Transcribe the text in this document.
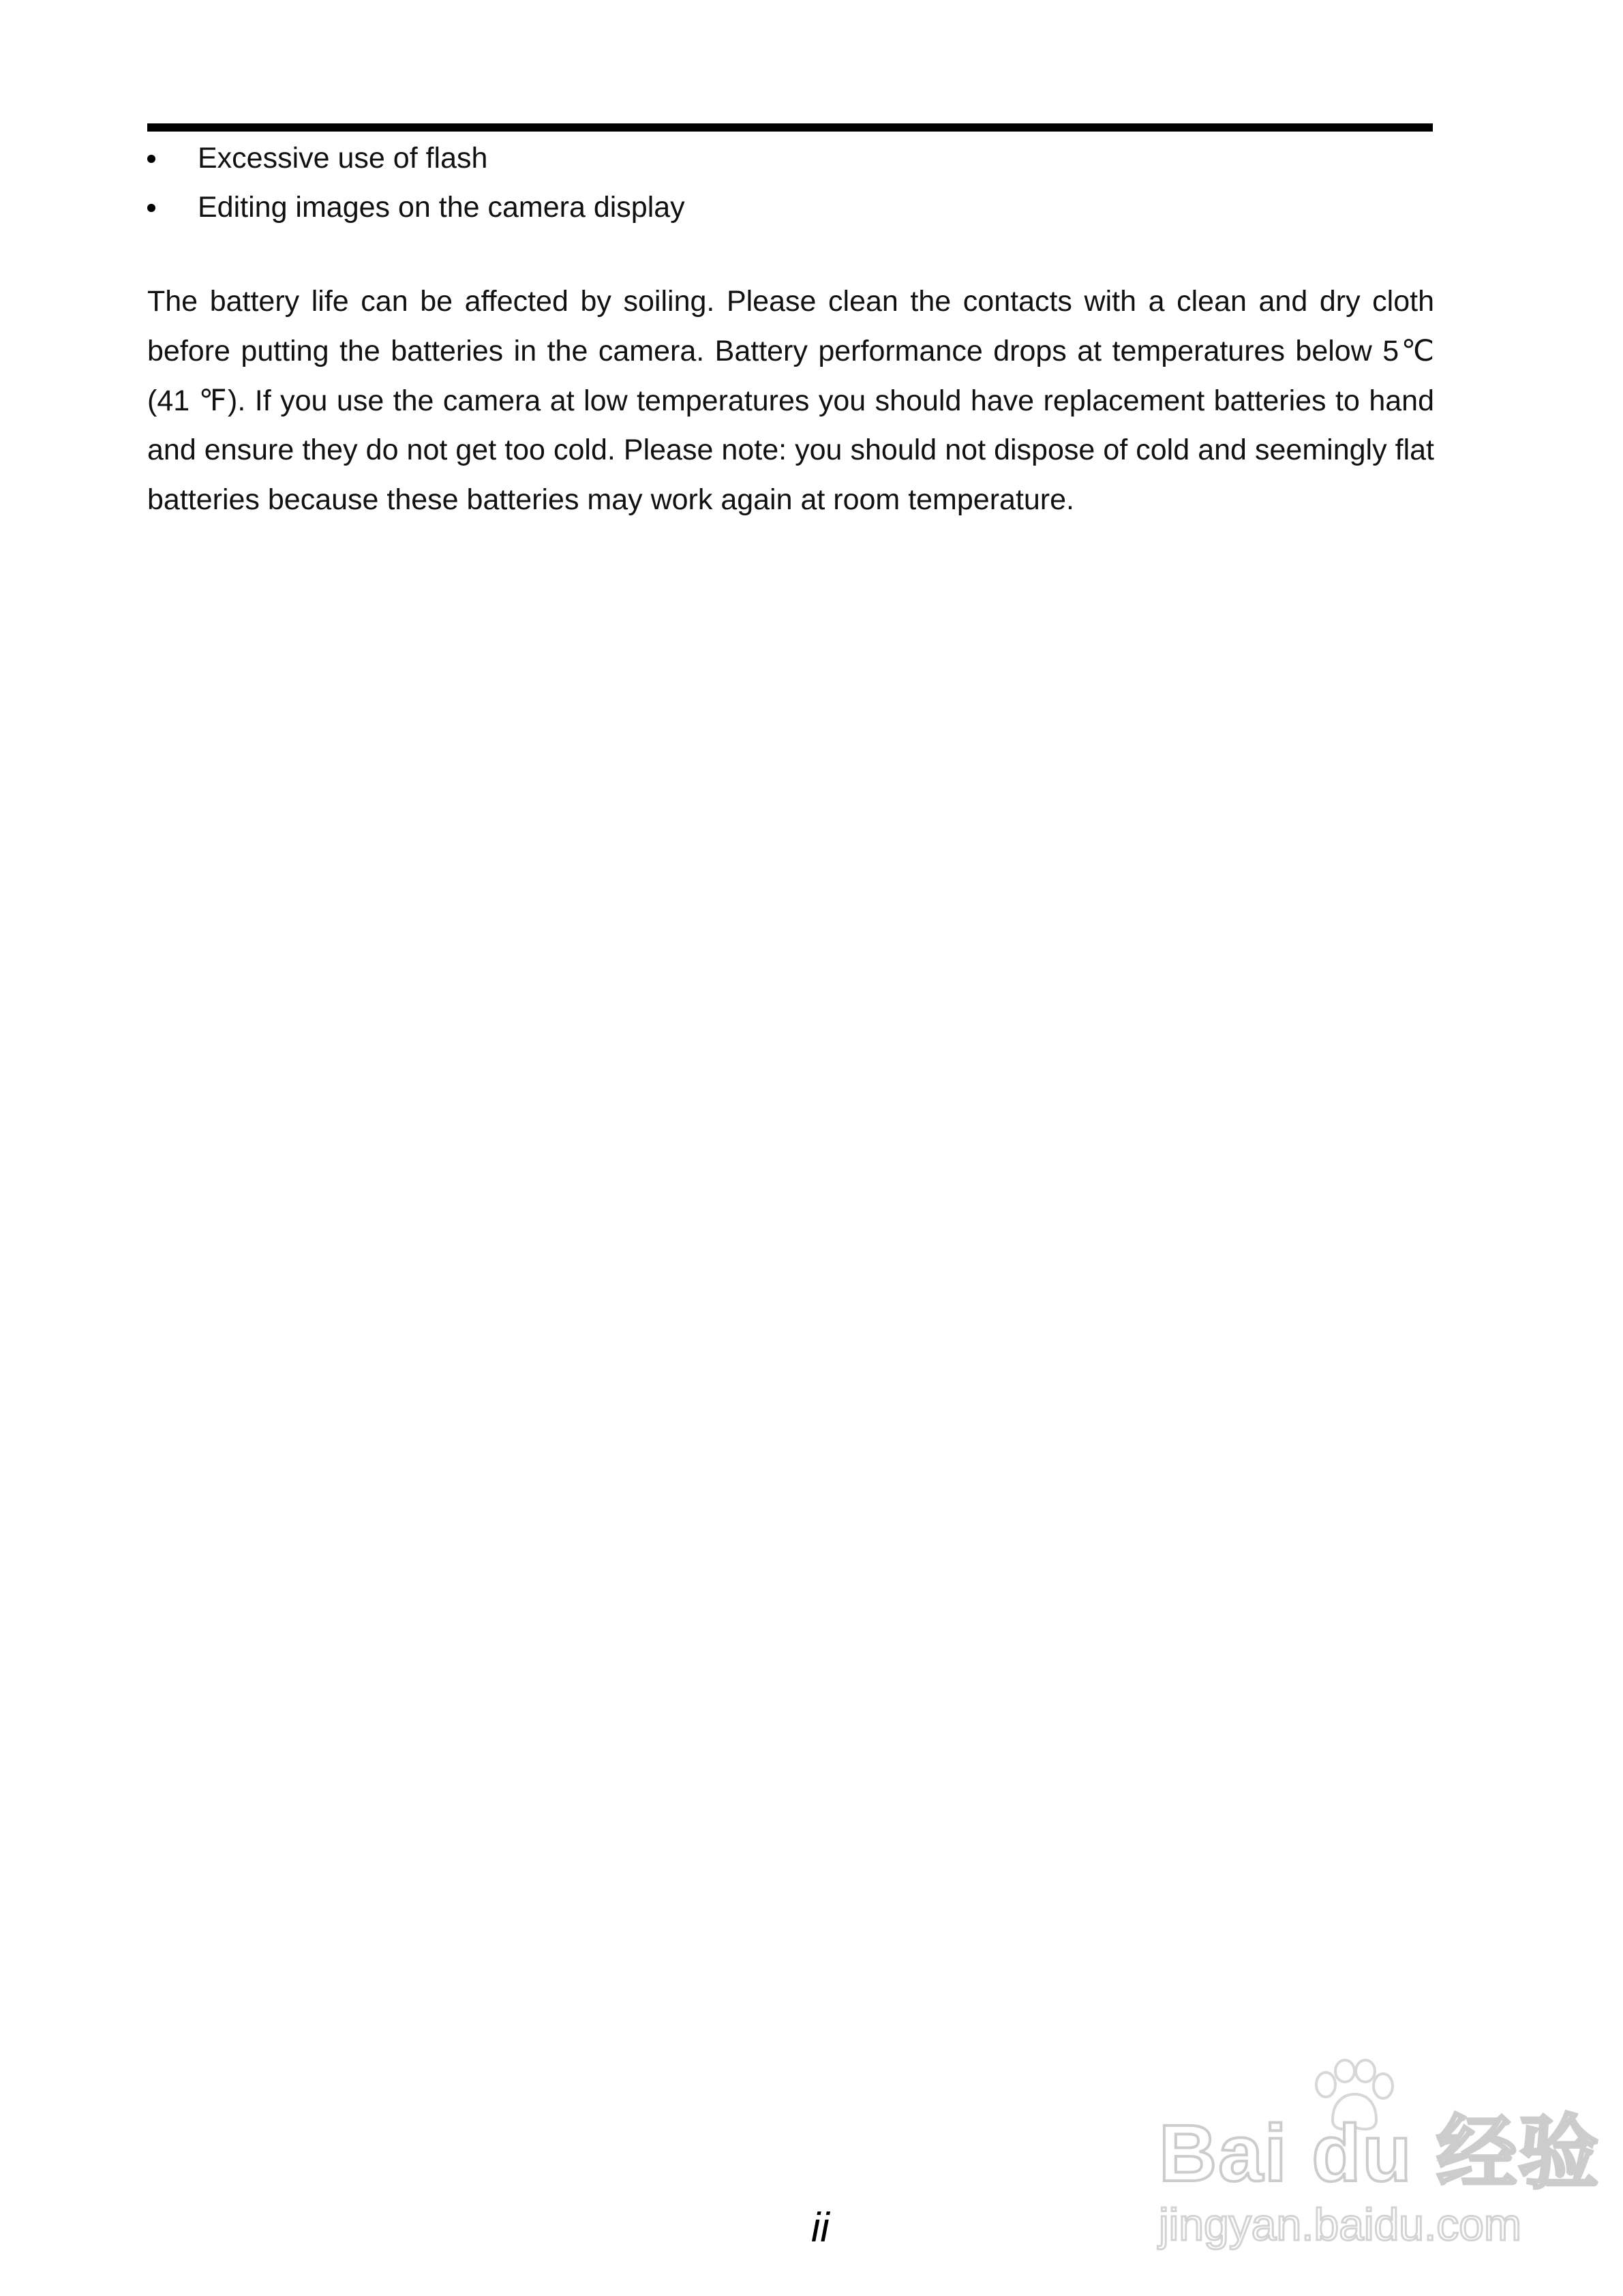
Excessive use of flash
Editing images on the camera display

The battery life can be affected by soiling. Please clean the contacts with a clean and dry cloth before putting the batteries in the camera. Battery performance drops at temperatures below 5℃ (41 ℉). If you use the camera at low temperatures you should have replacement batteries to hand and ensure they do not get too cold. Please note: you should not dispose of cold and seemingly flat batteries because these batteries may work again at room temperature.

Bai du 经验
jingyan.baidu.com
ii
